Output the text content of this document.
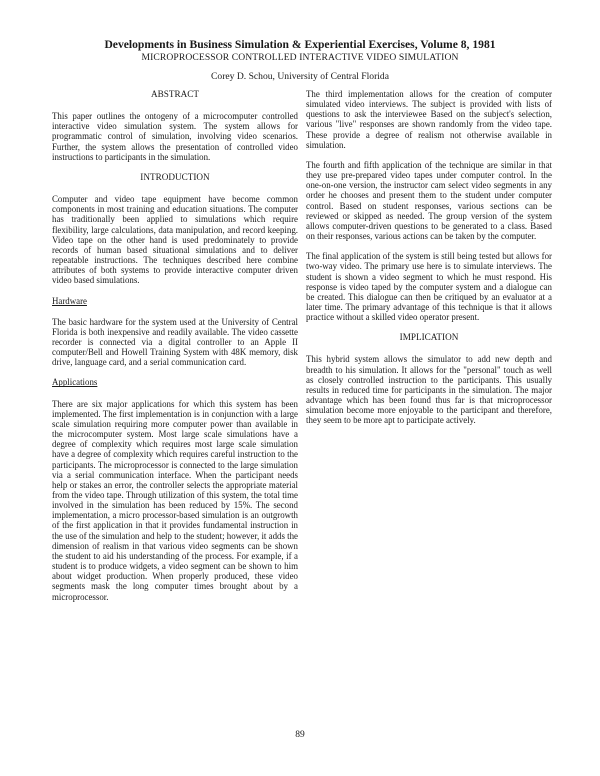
Developments in Business Simulation & Experiential Exercises, Volume 8, 1981
MICROPROCESSOR CONTROLLED INTERACTIVE VIDEO SIMULATION
Corey D. Schou, University of Central Florida
ABSTRACT

This paper outlines the ontogeny of a microcomputer controlled interactive video simulation system. The system allows for programmatic control of simulation, involving video scenarios. Further, the system allows the presentation of controlled video instructions to participants in the simulation.

INTRODUCTION

Computer and video tape equipment have become common components in most training and education situations. The computer has traditionally been applied to simulations which require flexibility, large calculations, data manipulation, and record keeping. Video tape on the other hand is used predominately to provide records of human based situational simulations and to deliver repeatable instructions. The techniques described here combine attributes of both systems to provide interactive computer driven video based simulations.

Hardware

The basic hardware for the system used at the University of Central Florida is both inexpensive and readily available. The video cassette recorder is connected via a digital controller to an Apple II computer/Bell and Howell Training System with 48K memory, disk drive, language card, and a serial communication card.

Applications

There are six major applications for which this system has been implemented. The first implementation is in conjunction with a large scale simulation requiring more computer power than available in the microcomputer system. Most large scale simulations have a degree of complexity which requires most large scale simulation have a degree of complexity which requires careful instruction to the participants. The microprocessor is connected to the large simulation via a serial communication interface. When the participant needs help or stakes an error, the controller selects the appropriate material from the video tape. Through utilization of this system, the total time involved in the simulation has been reduced by 15%. The second implementation, a micro processor-based simulation is an outgrowth of the first application in that it provides fundamental instruction in the use of the simulation and help to the student; however, it adds the dimension of realism in that various video segments can be shown the student to aid his understanding of the process. For example, if a student is to produce widgets, a video segment can be shown to him about widget production. When properly produced, these video segments mask the long computer times brought about by a microprocessor.

The third implementation allows for the creation of computer simulated video interviews. The subject is provided with lists of questions to ask the interviewee Based on the subject's selection, various "live" responses are shown randomly from the video tape. These provide a degree of realism not otherwise available in simulation.

The fourth and fifth application of the technique are similar in that they use pre-prepared video tapes under computer control. In the one-on-one version, the instructor cam select video segments in any order he chooses and present them to the student under computer control. Based on student responses, various sections can be reviewed or skipped as needed. The group version of the system allows computer-driven questions to be generated to a class. Based on their responses, various actions can be taken by the computer.

The final application of the system is still being tested but allows for two-way video. The primary use here is to simulate interviews. The student is shown a video segment to which he must respond. His response is video taped by the computer system and a dialogue can be created. This dialogue can then be critiqued by an evaluator at a later time. The primary advantage of this technique is that it allows practice without a skilled video operator present.

IMPLICATION

This hybrid system allows the simulator to add new depth and breadth to his simulation. It allows for the "personal" touch as well as closely controlled instruction to the participants. This usually results in reduced time for participants in the simulation. The major advantage which has been found thus far is that microprocessor simulation become more enjoyable to the participant and therefore, they seem to be more apt to participate actively.

89
